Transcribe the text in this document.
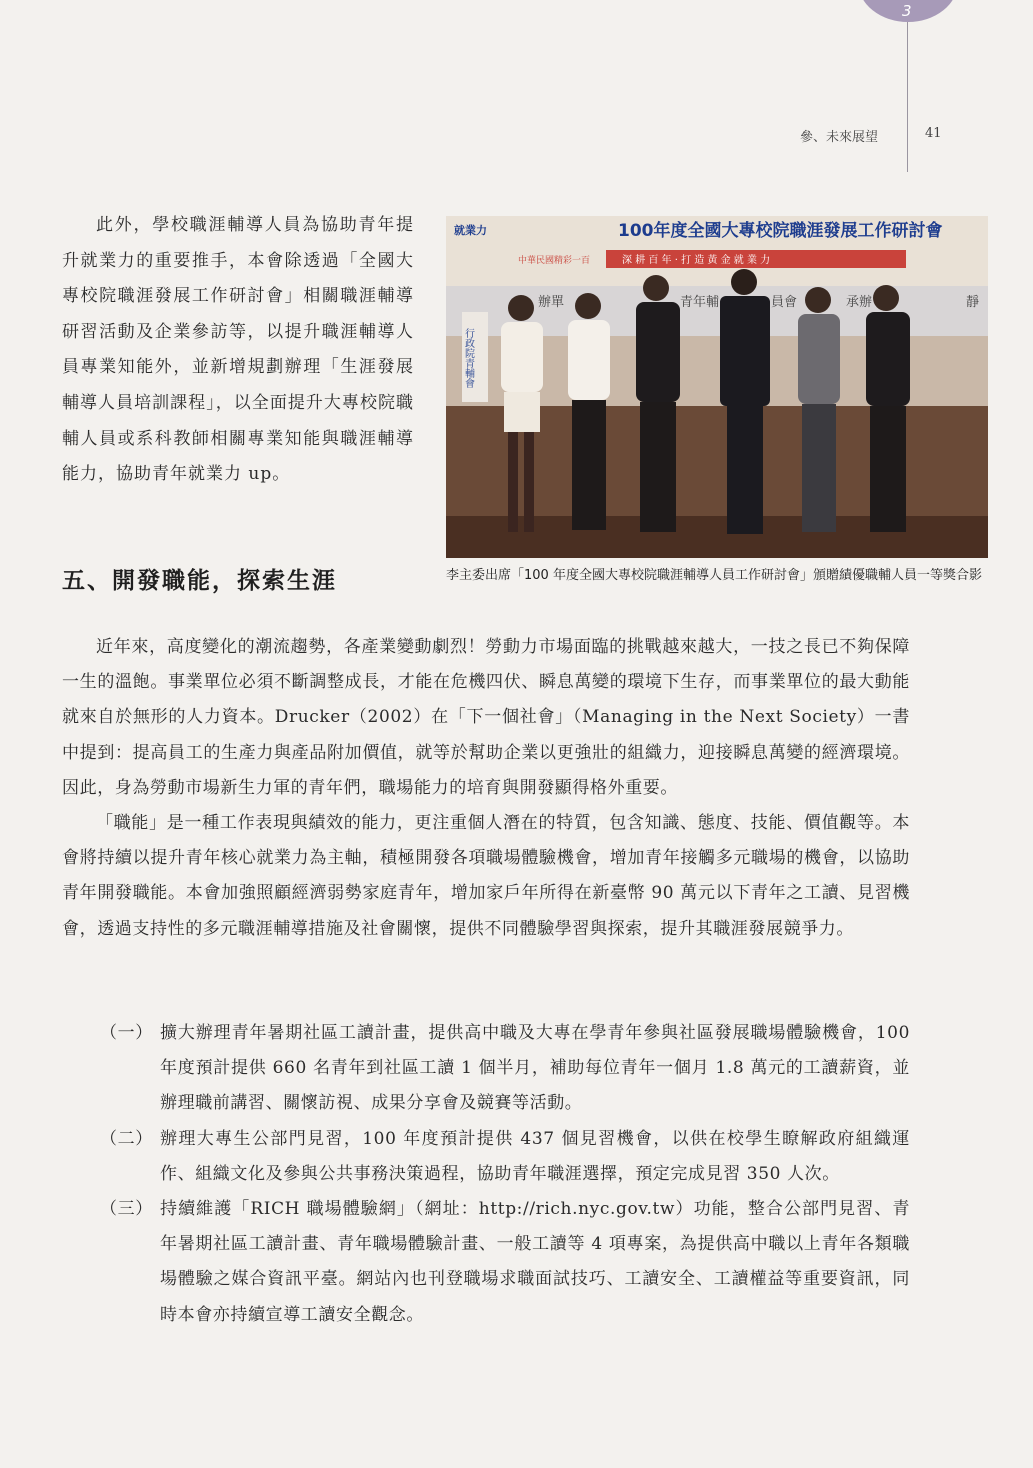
3
參、未來展望	41
此外，學校職涯輔導人員為協助青年提升就業力的重要推手，本會除透過「全國大專校院職涯發展工作研討會」相關職涯輔導研習活動及企業參訪等，以提升職涯輔導人員專業知能外，並新增規劃辦理「生涯發展輔導人員培訓課程」，以全面提升大專校院職輔人員或系科教師相關專業知能與職涯輔導能力，協助青年就業力 up。
就業力	100年度全國大專校院職涯發展工作研討會
中華民國精彩一百	深 耕 百 年 · 打 造 黃 金 就 業 力
辦單	青年輔	員會	承辦	靜
行政院青輔會
李主委出席「100 年度全國大專校院職涯輔導人員工作研討會」頒贈績優職輔人員一等獎合影
五、開發職能，探索生涯

近年來，高度變化的潮流趨勢，各產業變動劇烈！勞動力市場面臨的挑戰越來越大，一技之長已不夠保障一生的溫飽。事業單位必須不斷調整成長，才能在危機四伏、瞬息萬變的環境下生存，而事業單位的最大動能就來自於無形的人力資本。Drucker（2002）在「下一個社會」（Managing in the Next Society）一書中提到：提高員工的生產力與產品附加價值，就等於幫助企業以更強壯的組織力，迎接瞬息萬變的經濟環境。因此，身為勞動市場新生力軍的青年們，職場能力的培育與開發顯得格外重要。

「職能」是一種工作表現與績效的能力，更注重個人潛在的特質，包含知識、態度、技能、價值觀等。本會將持續以提升青年核心就業力為主軸，積極開發各項職場體驗機會，增加青年接觸多元職場的機會，以協助青年開發職能。本會加強照顧經濟弱勢家庭青年，增加家戶年所得在新臺幣 90 萬元以下青年之工讀、見習機會，透過支持性的多元職涯輔導措施及社會關懷，提供不同體驗學習與探索，提升其職涯發展競爭力。

（一） 擴大辦理青年暑期社區工讀計畫，提供高中職及大專在學青年參與社區發展職場體驗機會，100 年度預計提供 660 名青年到社區工讀 1 個半月，補助每位青年一個月 1.8 萬元的工讀薪資，並辦理職前講習、關懷訪視、成果分享會及競賽等活動。
（二） 辦理大專生公部門見習，100 年度預計提供 437 個見習機會，以供在校學生瞭解政府組織運作、組織文化及參與公共事務決策過程，協助青年職涯選擇，預定完成見習 350 人次。
（三） 持續維護「RICH 職場體驗網」（網址：http://rich.nyc.gov.tw）功能，整合公部門見習、青年暑期社區工讀計畫、青年職場體驗計畫、一般工讀等 4 項專案，為提供高中職以上青年各類職場體驗之媒合資訊平臺。網站內也刊登職場求職面試技巧、工讀安全、工讀權益等重要資訊，同時本會亦持續宣導工讀安全觀念。
